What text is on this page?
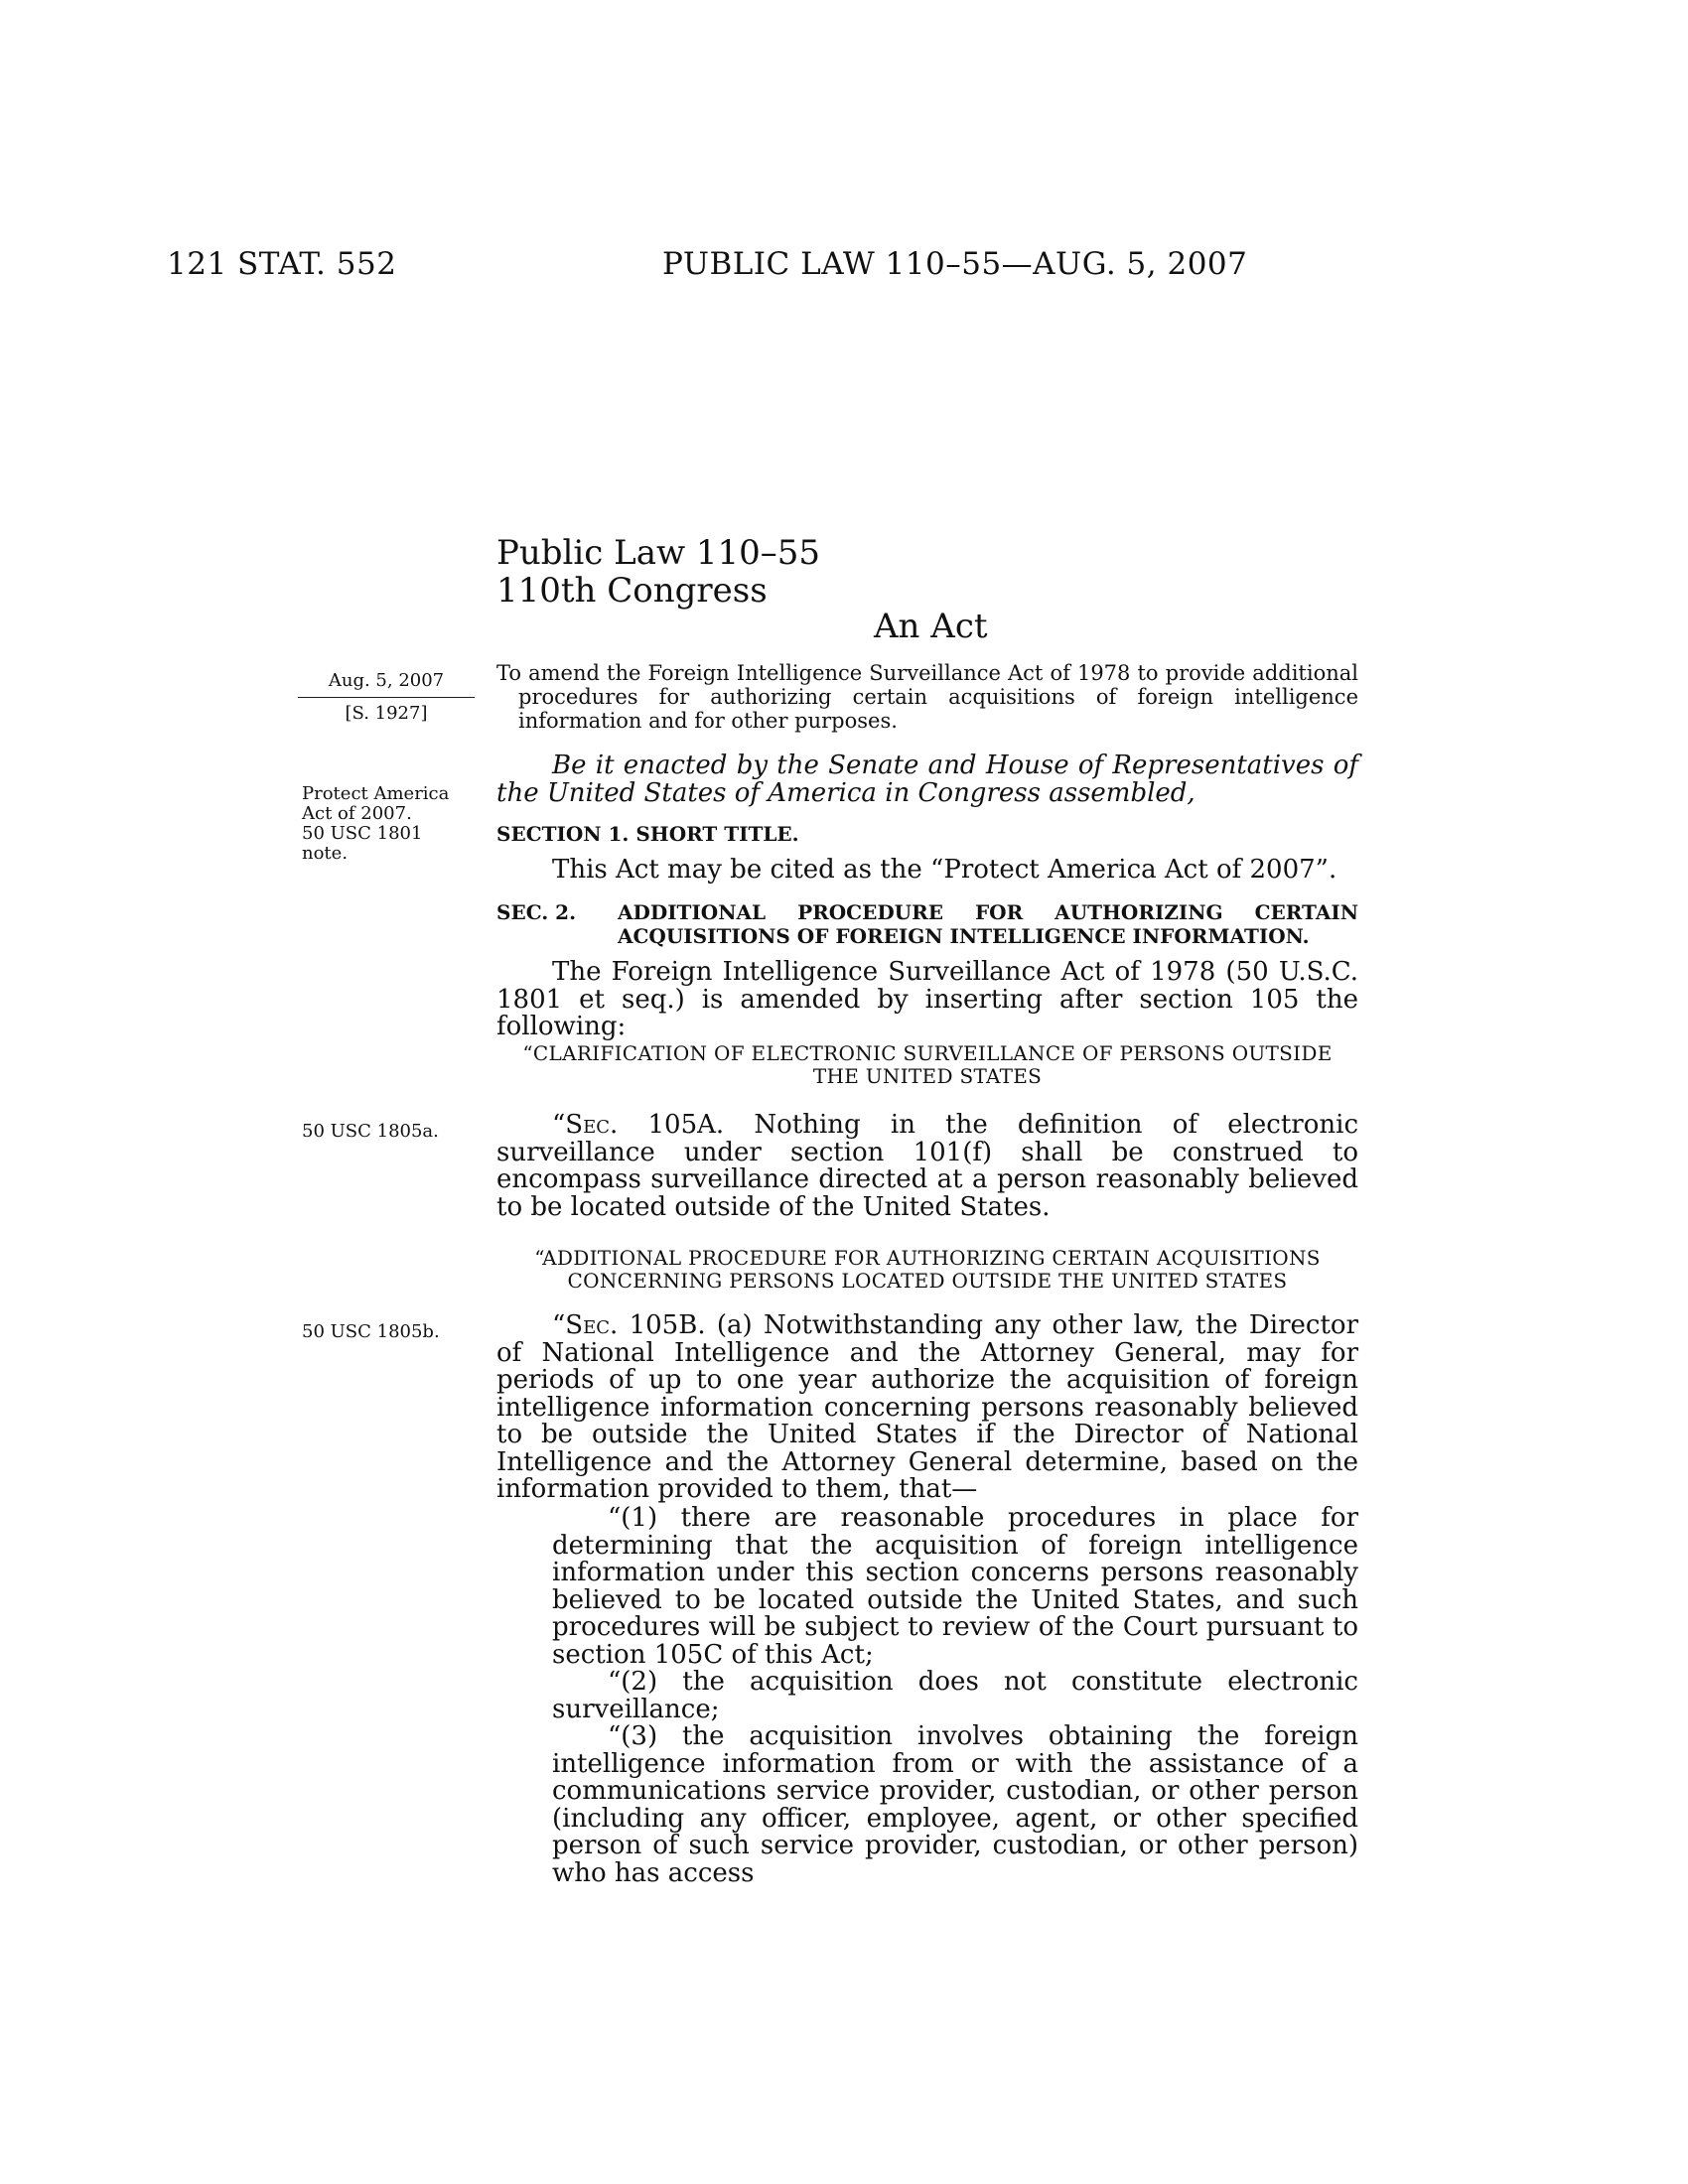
121 STAT. 552	PUBLIC LAW 110–55—AUG. 5, 2007
Public Law 110–55
110th Congress
An Act
Aug. 5, 2007
[S. 1927]
To amend the Foreign Intelligence Surveillance Act of 1978 to provide additional procedures for authorizing certain acquisitions of foreign intelligence information and for other purposes.
Protect America Act of 2007.
50 USC 1801 note.
50 USC 1805a.
50 USC 1805b.
Be it enacted by the Senate and House of Representatives of the United States of America in Congress assembled,
SECTION 1. SHORT TITLE.
This Act may be cited as the “Protect America Act of 2007”.
SEC. 2. ADDITIONAL PROCEDURE FOR AUTHORIZING CERTAIN ACQUISITIONS OF FOREIGN INTELLIGENCE INFORMATION.
The Foreign Intelligence Surveillance Act of 1978 (50 U.S.C. 1801 et seq.) is amended by inserting after section 105 the following:
“CLARIFICATION OF ELECTRONIC SURVEILLANCE OF PERSONS OUTSIDE THE UNITED STATES
“Sec. 105A. Nothing in the definition of electronic surveillance under section 101(f) shall be construed to encompass surveillance directed at a person reasonably believed to be located outside of the United States.
“ADDITIONAL PROCEDURE FOR AUTHORIZING CERTAIN ACQUISITIONS CONCERNING PERSONS LOCATED OUTSIDE THE UNITED STATES
“Sec. 105B. (a) Notwithstanding any other law, the Director of National Intelligence and the Attorney General, may for periods of up to one year authorize the acquisition of foreign intelligence information concerning persons reasonably believed to be outside the United States if the Director of National Intelligence and the Attorney General determine, based on the information provided to them, that—

“(1) there are reasonable procedures in place for determining that the acquisition of foreign intelligence information under this section concerns persons reasonably believed to be located outside the United States, and such procedures will be subject to review of the Court pursuant to section 105C of this Act;

“(2) the acquisition does not constitute electronic surveillance;

“(3) the acquisition involves obtaining the foreign intelligence information from or with the assistance of a communications service provider, custodian, or other person (including any officer, employee, agent, or other specified person of such service provider, custodian, or other person) who has access
